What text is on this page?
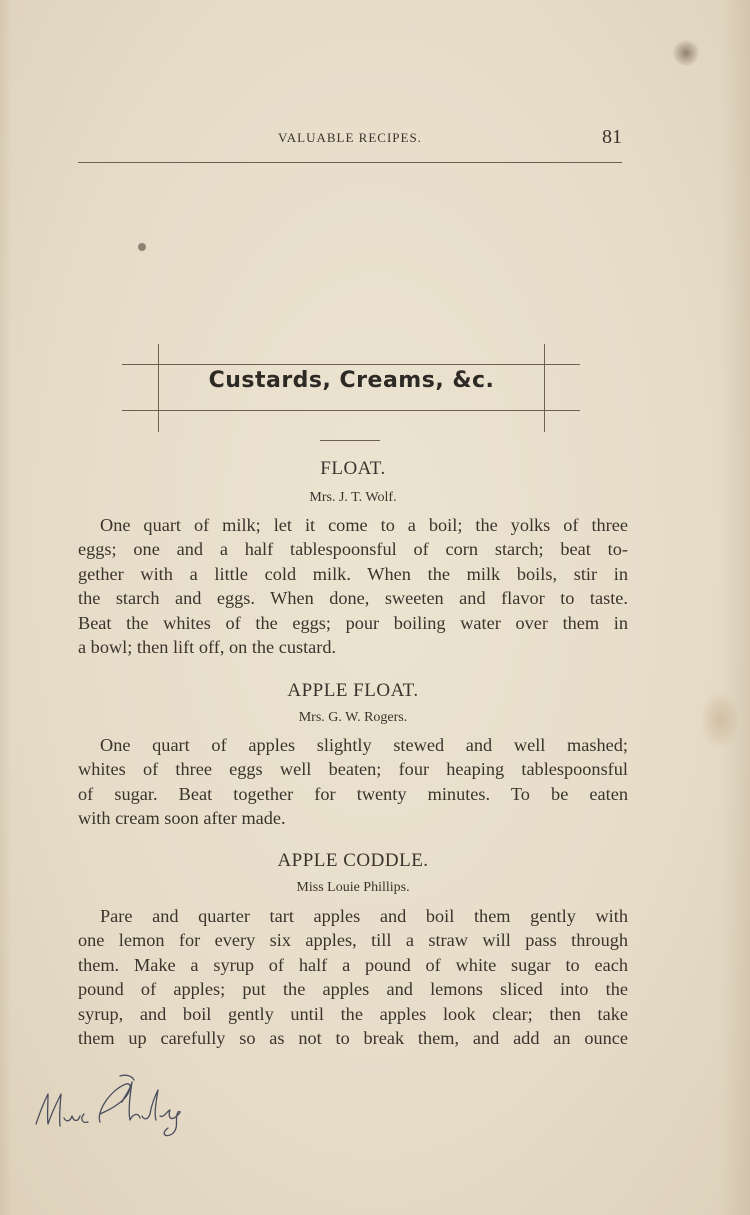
VALUABLE RECIPES.	81
Custards, Creams, &c.
FLOAT.
Mrs. J. T. Wolf.
One quart of milk; let it come to a boil; the yolks of three
eggs; one and a half tablespoonsful of corn starch; beat to-
gether with a little cold milk. When the milk boils, stir in
the starch and eggs. When done, sweeten and flavor to taste.
Beat the whites of the eggs; pour boiling water over them in
a bowl; then lift off, on the custard.
APPLE FLOAT.
Mrs. G. W. Rogers.
One quart of apples slightly stewed and well mashed;
whites of three eggs well beaten; four heaping tablespoonsful
of sugar. Beat together for twenty minutes. To be eaten
with cream soon after made.
APPLE CODDLE.
Miss Louie Phillips.
Pare and quarter tart apples and boil them gently with
one lemon for every six apples, till a straw will pass through
them. Make a syrup of half a pound of white sugar to each
pound of apples; put the apples and lemons sliced into the
syrup, and boil gently until the apples look clear; then take
them up carefully so as not to break them, and add an ounce
